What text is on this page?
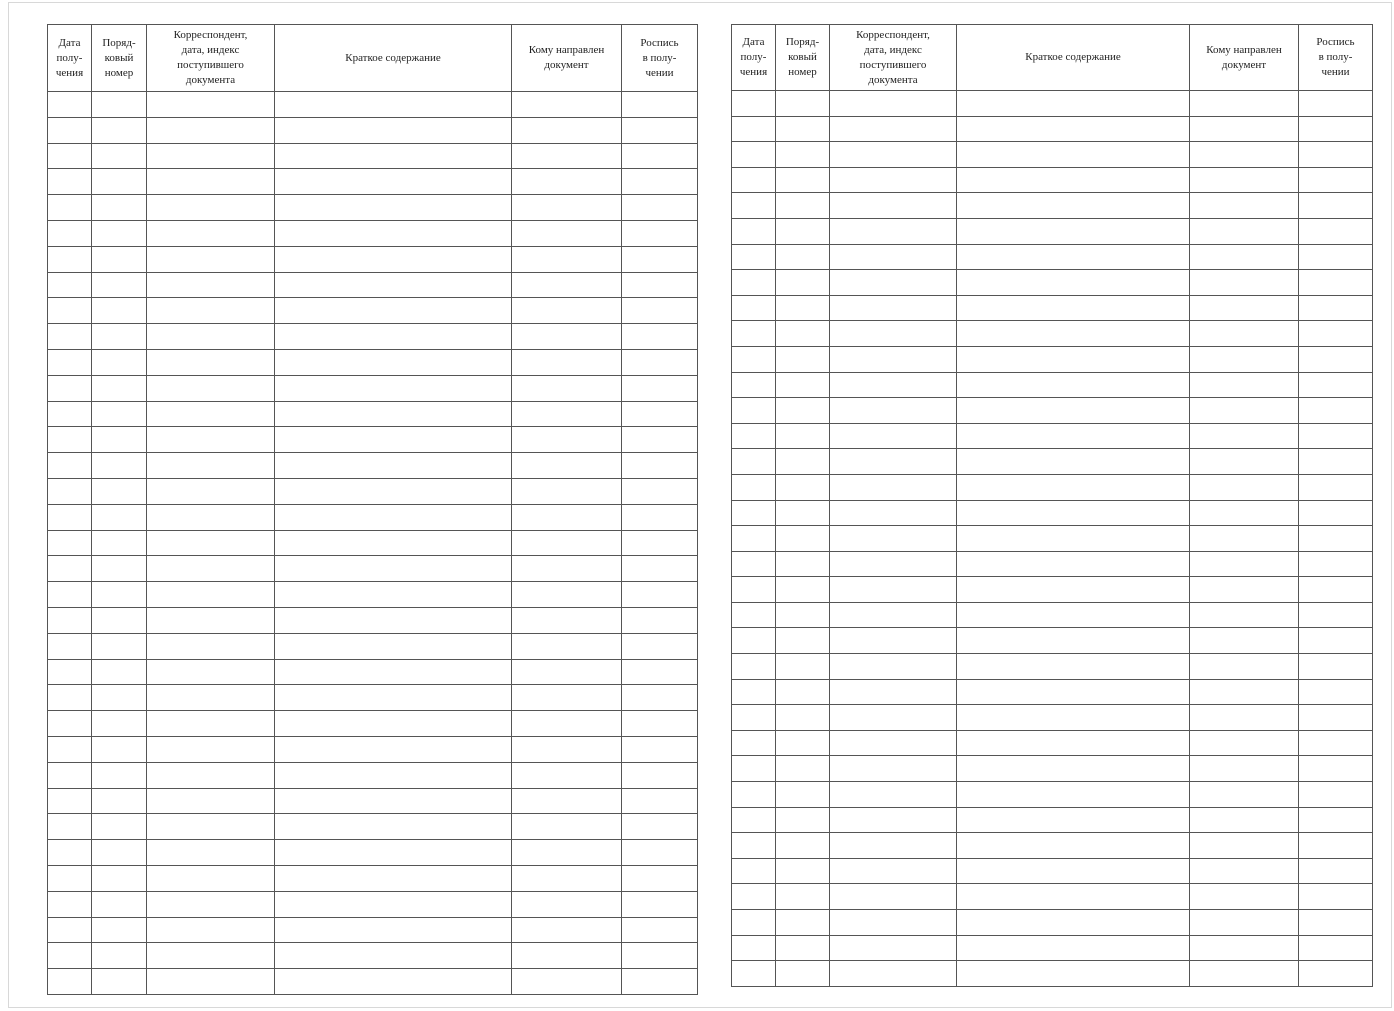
Дата
полу-
чения	Поряд-
ковый
номер	Корреспондент,
дата, индекс
поступившего
документа	Краткое содержание	Кому направлен
документ	Роспись
в полу-
чении

Дата
полу-
чения	Поряд-
ковый
номер	Корреспондент,
дата, индекс
поступившего
документа	Краткое содержание	Кому направлен
документ	Роспись
в полу-
чении
